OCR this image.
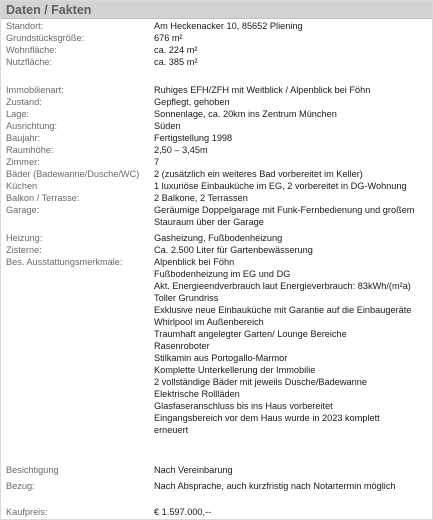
Daten / Fakten
Standort:	Am Heckenacker 10, 85652 Pliening
Grundstücksgröße:	676 m²
Wohnfläche:	ca. 224 m²
Nutzfläche:	ca. 385 m²
Immobilienart:	Ruhiges EFH/ZFH mit Weitblick / Alpenblick bei Föhn
Zustand:	Gepflegt, gehoben
Lage:	Sonnenlage, ca. 20km ins Zentrum München
Ausrichtung:	Süden
Baujahr:	Fertigstellung 1998
Raumhöhe:	2,50 – 3,45m
Zimmer:	7
Bäder (Badewanne/Dusche/WC) 2 (zusätzlich ein weiteres Bad vorbereitet im Keller)
Küchen	1 luxuriöse Einbauküche im EG, 2 vorbereitet in DG-Wohnung
Balkon / Terrasse:	2 Balkone, 2 Terrassen
Garage:	Geräumige Doppelgarage mit Funk-Fernbedienung und großem
Stauraum über der Garage
Heizung:	Gasheizung, Fußbodenheizung
Zisterne:	Ca. 2.500 Liter für Gartenbewässerung
Bes. Ausstattungsmerkmale:	Alpenblick bei Föhn
Fußbodenheizung im EG und DG
Akt. Energieendverbrauch laut Energieverbrauch: 83kWh/(m²a)
Toller Grundriss
Exklusive neue Einbauküche mit Garantie auf die Einbaugeräte
Whirlpool im Außenbereich
Traumhaft angelegter Garten/ Lounge Bereiche
Rasenroboter
Stilkamin aus Portogallo-Marmor
Komplette Unterkellerung der Immobilie
2 vollständige Bäder mit jeweils Dusche/Badewanne
Elektrische Rollläden
Glasfaseranschluss bis ins Haus vorbereitet
Eingangsbereich vor dem Haus wurde in 2023 komplett
erneuert
Besichtigung	Nach Vereinbarung
Bezug:	Nach Absprache, auch kurzfristig nach Notartermin möglich
Kaufpreis:	€ 1.597.000,--
